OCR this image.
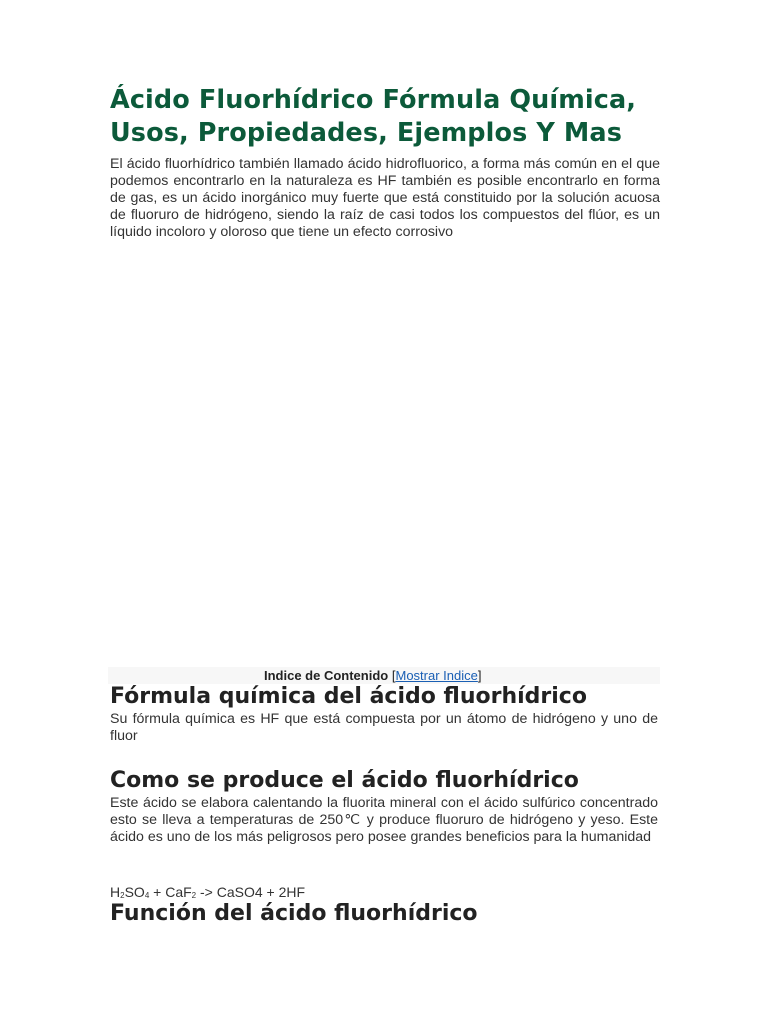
Ácido Fluorhídrico Fórmula Química, Usos, Propiedades, Ejemplos Y Mas

El ácido fluorhídrico también llamado ácido hidrofluorico, a forma más común en el que podemos encontrarlo en la naturaleza es HF también es posible encontrarlo en forma de gas, es un ácido inorgánico muy fuerte que está constituido por la solución acuosa de fluoruro de hidrógeno, siendo la raíz de casi todos los compuestos del flúor, es un líquido incoloro y oloroso que tiene un efecto corrosivo

Indice de Contenido [Mostrar Indice]
Fórmula química del ácido fluorhídrico

Su fórmula química es HF que está compuesta por un átomo de hidrógeno y uno de fluor

Como se produce el ácido fluorhídrico

Este ácido se elabora calentando la fluorita mineral con el ácido sulfúrico concentrado esto se lleva a temperaturas de 250℃ y produce fluoruro de hidrógeno y yeso. Este ácido es uno de los más peligrosos pero posee grandes beneficios para la humanidad

$H_2SO_4 + CaF_2$ -> CaSO4 + 2HF
Función del ácido fluorhídrico
